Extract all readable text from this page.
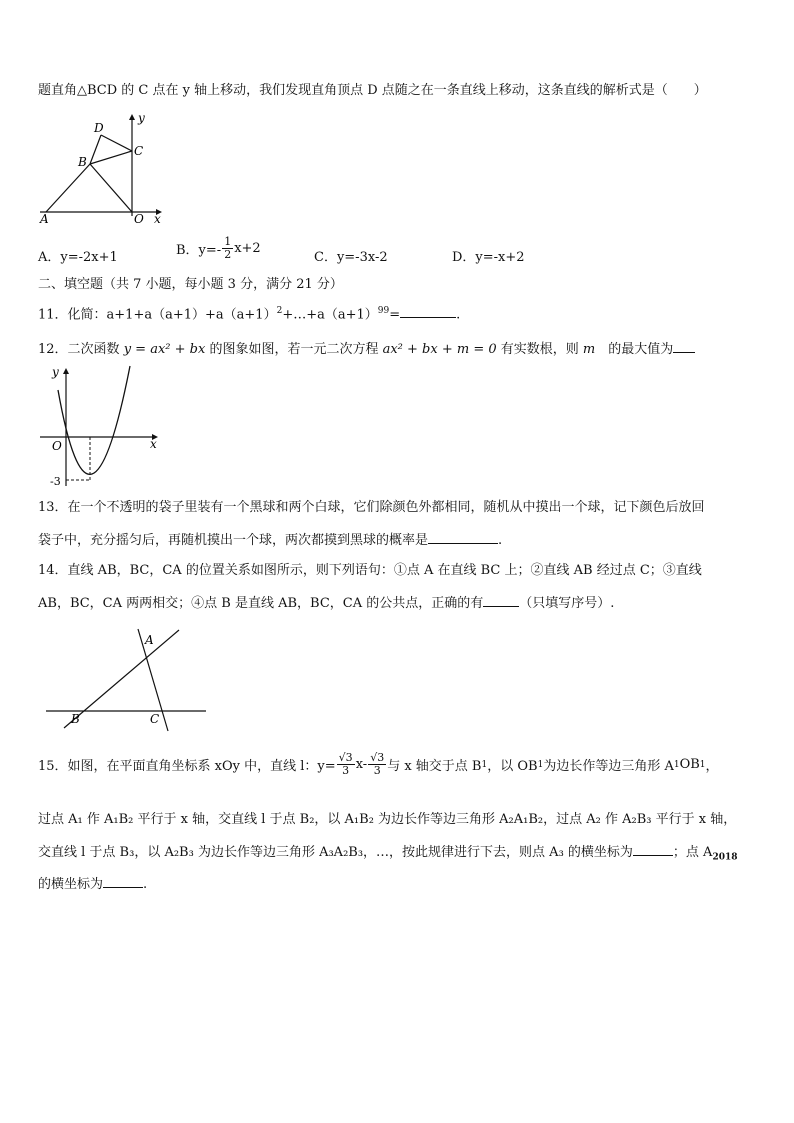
题直角△BCD 的 C 点在 y 轴上移动，我们发现直角顶点 D 点随之在一条直线上移动，这条直线的解析式是（　　）
D
y
C
B
A	O x
A．y=-2x+1	B．$y=- \frac{1}{2} x+2$
C．y=-3x-2	D．y=-x+2
二、填空题（共 7 小题，每小题 3 分，满分 21 分）
11．化简：$a+1+a(a+1)+a(a+1)^2+\dots+a(a+1)^{99}=$	.
12．二次函数 y = ax² + bx 的图象如图，若一元二次方程 ax² + bx + m = 0 有实数根，则 m　的最大值为
y
O	x
-3
13．在一个不透明的袋子里装有一个黑球和两个白球，它们除颜色外都相同，随机从中摸出一个球，记下颜色后放回
袋子中，充分摇匀后，再随机摸出一个球，两次都摸到黑球的概率是	.
14．直线 AB，BC，CA 的位置关系如图所示，则下列语句：①点 A 在直线 BC 上；②直线 AB 经过点 C；③直线
AB，BC，CA 两两相交；④点 B 是直线 AB，BC，CA 的公共点，正确的有	（只填写序号）.
A
B	C
15．如图，在平面直角坐标系 xOy 中，直线 l：$y= \frac{√3}{3} x- \frac{√3}{3}$ 与 x 轴交于点 B 1 ，以 OB 1 为边长作等边三角形 A 1 OB 1 ，
过点 A₁ 作 A₁B₂ 平行于 x 轴，交直线 l 于点 B₂，以 A₁B₂ 为边长作等边三角形 A₂A₁B₂，过点 A₂ 作 A₂B₃ 平行于 x 轴，
交直线 l 于点 B₃，以 A₂B₃ 为边长作等边三角形 A₃A₂B₃，…，按此规律进行下去，则点 A₃ 的横坐标为	；点 $A_{2018}$
的横坐标为	.
